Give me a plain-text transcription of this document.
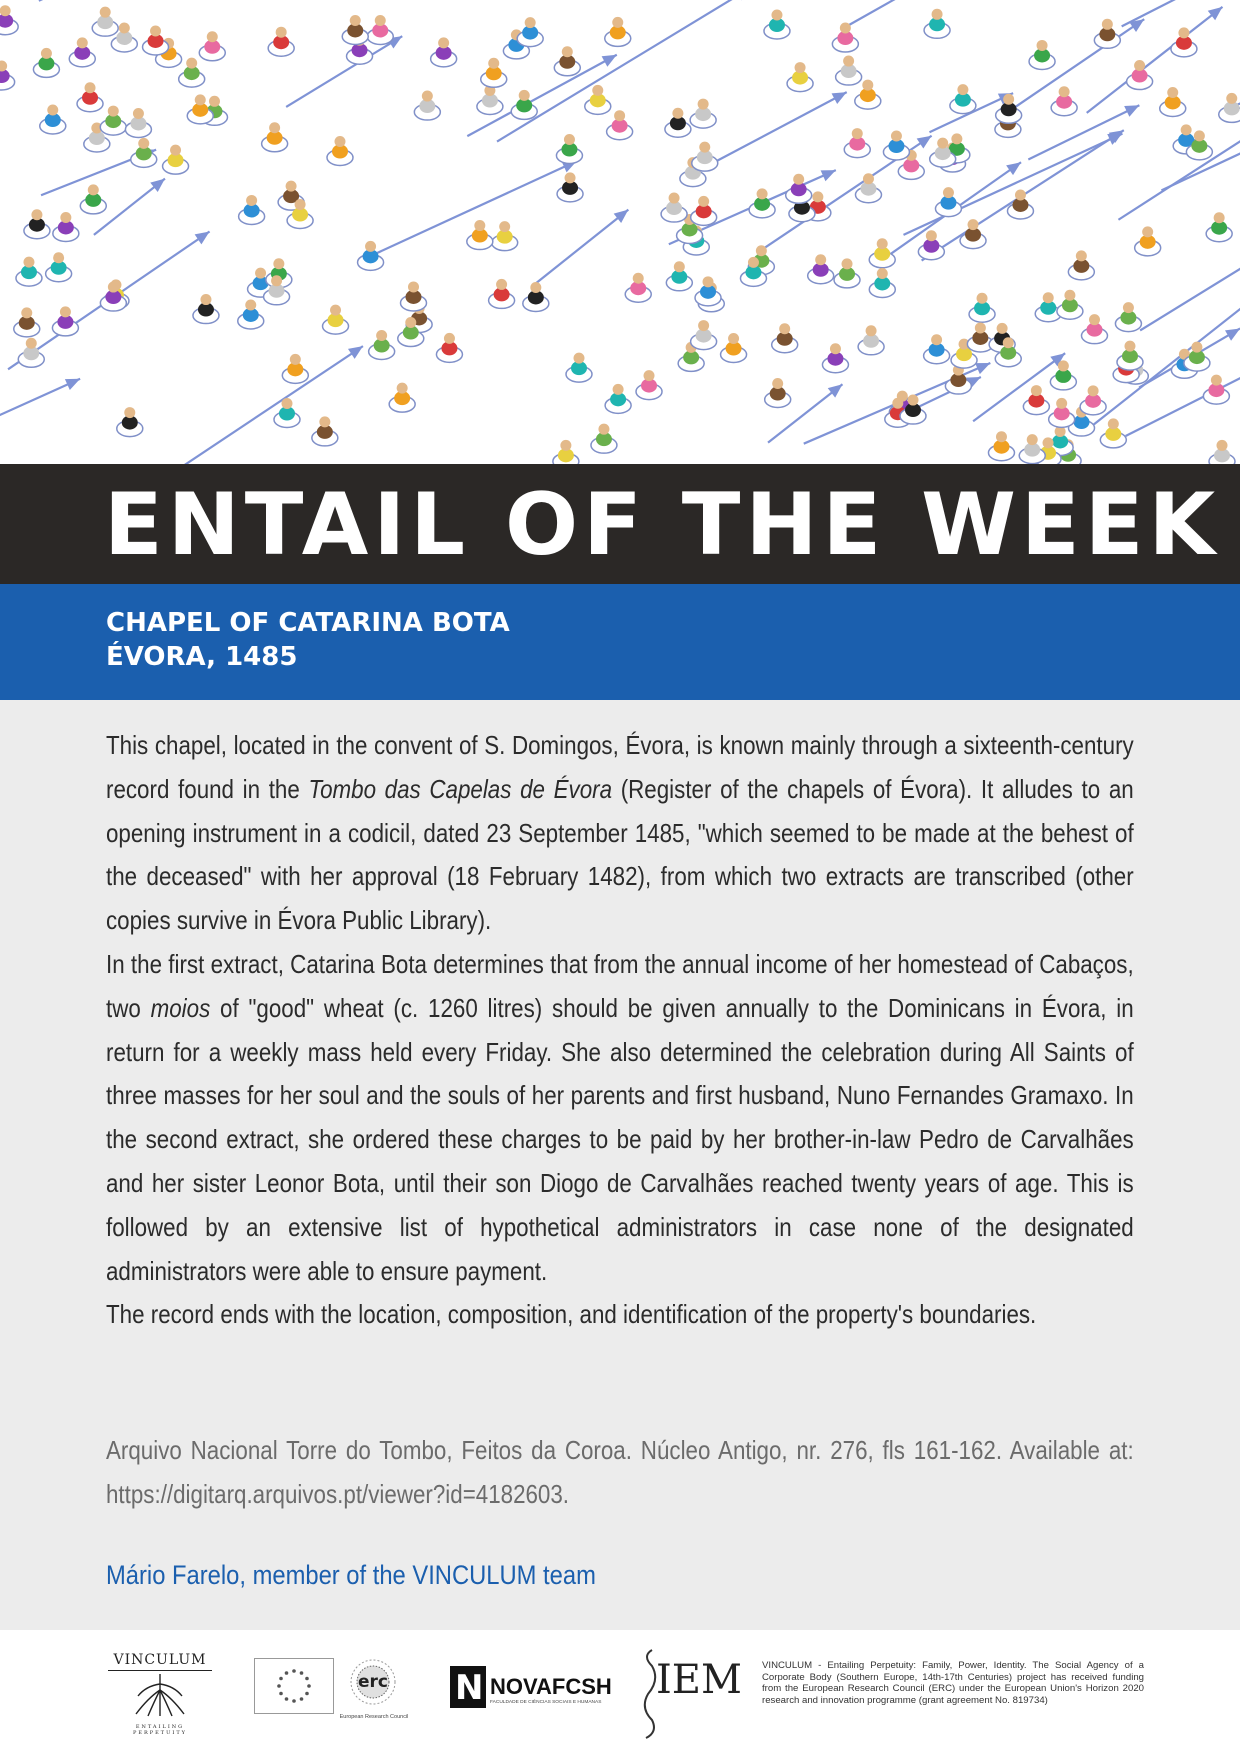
ENTAIL OF THE WEEK
CHAPEL OF CATARINA BOTA
ÉVORA, 1485

This chapel, located in the convent of S. Domingos, Évora, is known mainly through a sixteenth-century record found in the Tombo das Capelas de Évora (Register of the chapels of Évora). It alludes to an opening instrument in a codicil, dated 23 September 1485, "which seemed to be made at the behest of the deceased" with her approval (18 February 1482), from which two extracts are transcribed (other copies survive in Évora Public Library).

In the first extract, Catarina Bota determines that from the annual income of her homestead of Cabaços, two moios of "good" wheat (c. 1260 litres) should be given annually to the Dominicans in Évora, in return for a weekly mass held every Friday. She also determined the celebration during All Saints of three masses for her soul and the souls of her parents and first husband, Nuno Fernandes Gramaxo. In the second extract, she ordered these charges to be paid by her brother-in-law Pedro de Carvalhães and her sister Leonor Bota, until their son Diogo de Carvalhães reached twenty years of age. This is followed by an extensive list of hypothetical administrators in case none of the designated administrators were able to ensure payment.

The record ends with the location, composition, and identification of the property's boundaries.

Arquivo Nacional Torre do Tombo, Feitos da Coroa. Núcleo Antigo, nr. 276, fls 161-162. Available at: https://digitarq.arquivos.pt/viewer?id=4182603.
Mário Farelo, member of the VINCULUM team
VINCULUM
ENTAILING PERPETUITY
erc
European Research Council
N NOVAFCSH
FACULDADE DE CIÊNCIAS SOCIAIS E HUMANAS IEM VINCULUM - Entailing Perpetuity: Family, Power, Identity. The Social Agency of a Corporate Body (Southern Europe, 14th-17th Centuries) project has received funding from the European Research Council (ERC) under the European Union's Horizon 2020 research and innovation programme (grant agreement No. 819734)
